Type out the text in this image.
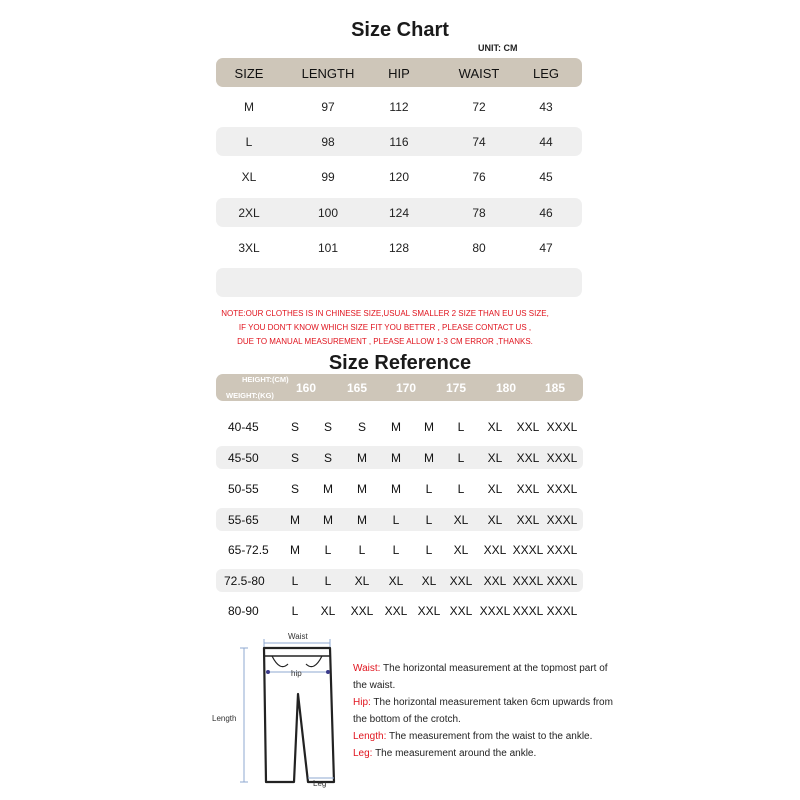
Size Chart
UNIT: CM
SIZE	LENGTH	HIP	WAIST	LEG
M	97	112	72	43
L	98	116	74	44
XL	99	120	76	45
2XL	100	124	78	46
3XL	101	128	80	47
NOTE:OUR CLOTHES IS IN CHINESE SIZE,USUAL SMALLER 2 SIZE THAN EU US SIZE,
IF YOU DON'T KNOW WHICH SIZE FIT YOU BETTER , PLEASE CONTACT US ,
DUE TO MANUAL MEASUREMENT , PLEASE ALLOW 1-3 CM ERROR ,THANKS.
Size Reference
HEIGHT:(CM)
WEIGHT:(KG)
160	165 170 175 180 185
40-45	S S S M M L XL XXL XXXL
45-50	S S M M M L XL XXL XXXL
50-55	S M M M L L XL XXL XXXL
55-65	M M M L L XL XL XXL XXXL
65-72.5 M L L L L XL XXL XXXL XXXL
72.5-80 L L XL XL XL XXL XXL XXXL XXXL
80-90	L XL XXL XXL XXL XXL XXXL XXXL XXXL
Waist
hip
Length
Leg
Waist: The horizontal measurement at the topmost part of the waist.
Hip: The horizontal measurement taken 6cm upwards from the bottom of the crotch.
Length: The measurement from the waist to the ankle.
Leg: The measurement around the ankle.
